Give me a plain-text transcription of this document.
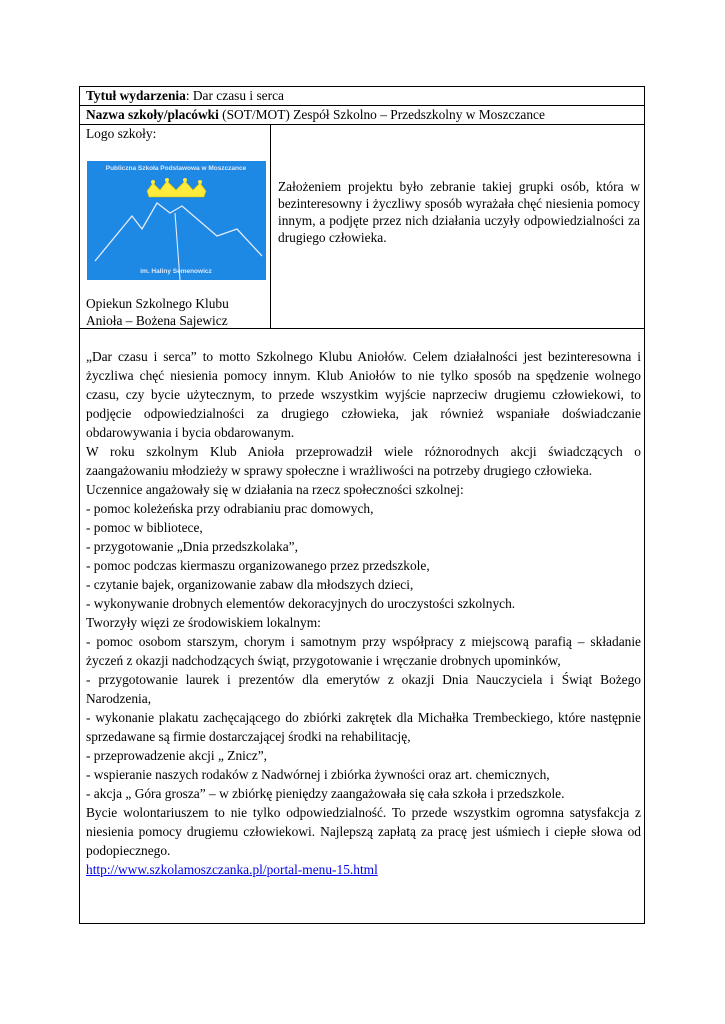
Tytuł wydarzenia: Dar czasu i serca
Nazwa szkoły/placówki (SOT/MOT) Zespół Szkolno – Przedszkolny w Moszczance
Logo szkoły:
Publiczna Szkoła Podstawowa w Moszczance
im. Haliny Semenowicz
Opiekun Szkolnego Klubu
Anioła – Bożena Sajewicz
Założeniem projektu było zebranie takiej grupki osób, która w bezinteresowny i życzliwy sposób wyrażała chęć niesienia pomocy innym, a podjęte przez nich działania uczyły odpowiedzialności za drugiego człowieka.

„Dar czasu i serca” to motto Szkolnego Klubu Aniołów. Celem działalności jest bezinteresowna i życzliwa chęć niesienia pomocy innym. Klub Aniołów to nie tylko sposób na spędzenie wolnego czasu, czy bycie użytecznym, to przede wszystkim wyjście naprzeciw drugiemu człowiekowi, to podjęcie odpowiedzialności za drugiego człowieka, jak również wspaniałe doświadczanie obdarowywania i bycia obdarowanym.

W roku szkolnym Klub Anioła przeprowadził wiele różnorodnych akcji świadczących o zaangażowaniu młodzieży w sprawy społeczne i wrażliwości na potrzeby drugiego człowieka.

Uczennice angażowały się w działania na rzecz społeczności szkolnej:

- pomoc koleżeńska przy odrabianiu prac domowych,

- pomoc w bibliotece,

- przygotowanie „Dnia przedszkolaka”,

- pomoc podczas kiermaszu organizowanego przez przedszkole,

- czytanie bajek, organizowanie zabaw dla młodszych dzieci,

- wykonywanie drobnych elementów dekoracyjnych do uroczystości szkolnych.

Tworzyły więzi ze środowiskiem lokalnym:

- pomoc osobom starszym, chorym i samotnym przy współpracy z miejscową parafią – składanie życzeń z okazji nadchodzących świąt, przygotowanie i wręczanie drobnych upominków,

- przygotowanie laurek i prezentów dla emerytów z okazji Dnia Nauczyciela i Świąt Bożego Narodzenia,

- wykonanie plakatu zachęcającego do zbiórki zakrętek dla Michałka Trembeckiego, które następnie sprzedawane są firmie dostarczającej środki na rehabilitację,

- przeprowadzenie akcji „ Znicz”,

- wspieranie naszych rodaków z Nadwórnej i zbiórka żywności oraz art. chemicznych,

- akcja „ Góra grosza” – w zbiórkę pieniędzy zaangażowała się cała szkoła i przedszkole.

Bycie wolontariuszem to nie tylko odpowiedzialność. To przede wszystkim ogromna satysfakcja z niesienia pomocy drugiemu człowiekowi. Najlepszą zapłatą za pracę jest uśmiech i ciepłe słowa od podopiecznego.

http://www.szkolamoszczanka.pl/portal-menu-15.html
